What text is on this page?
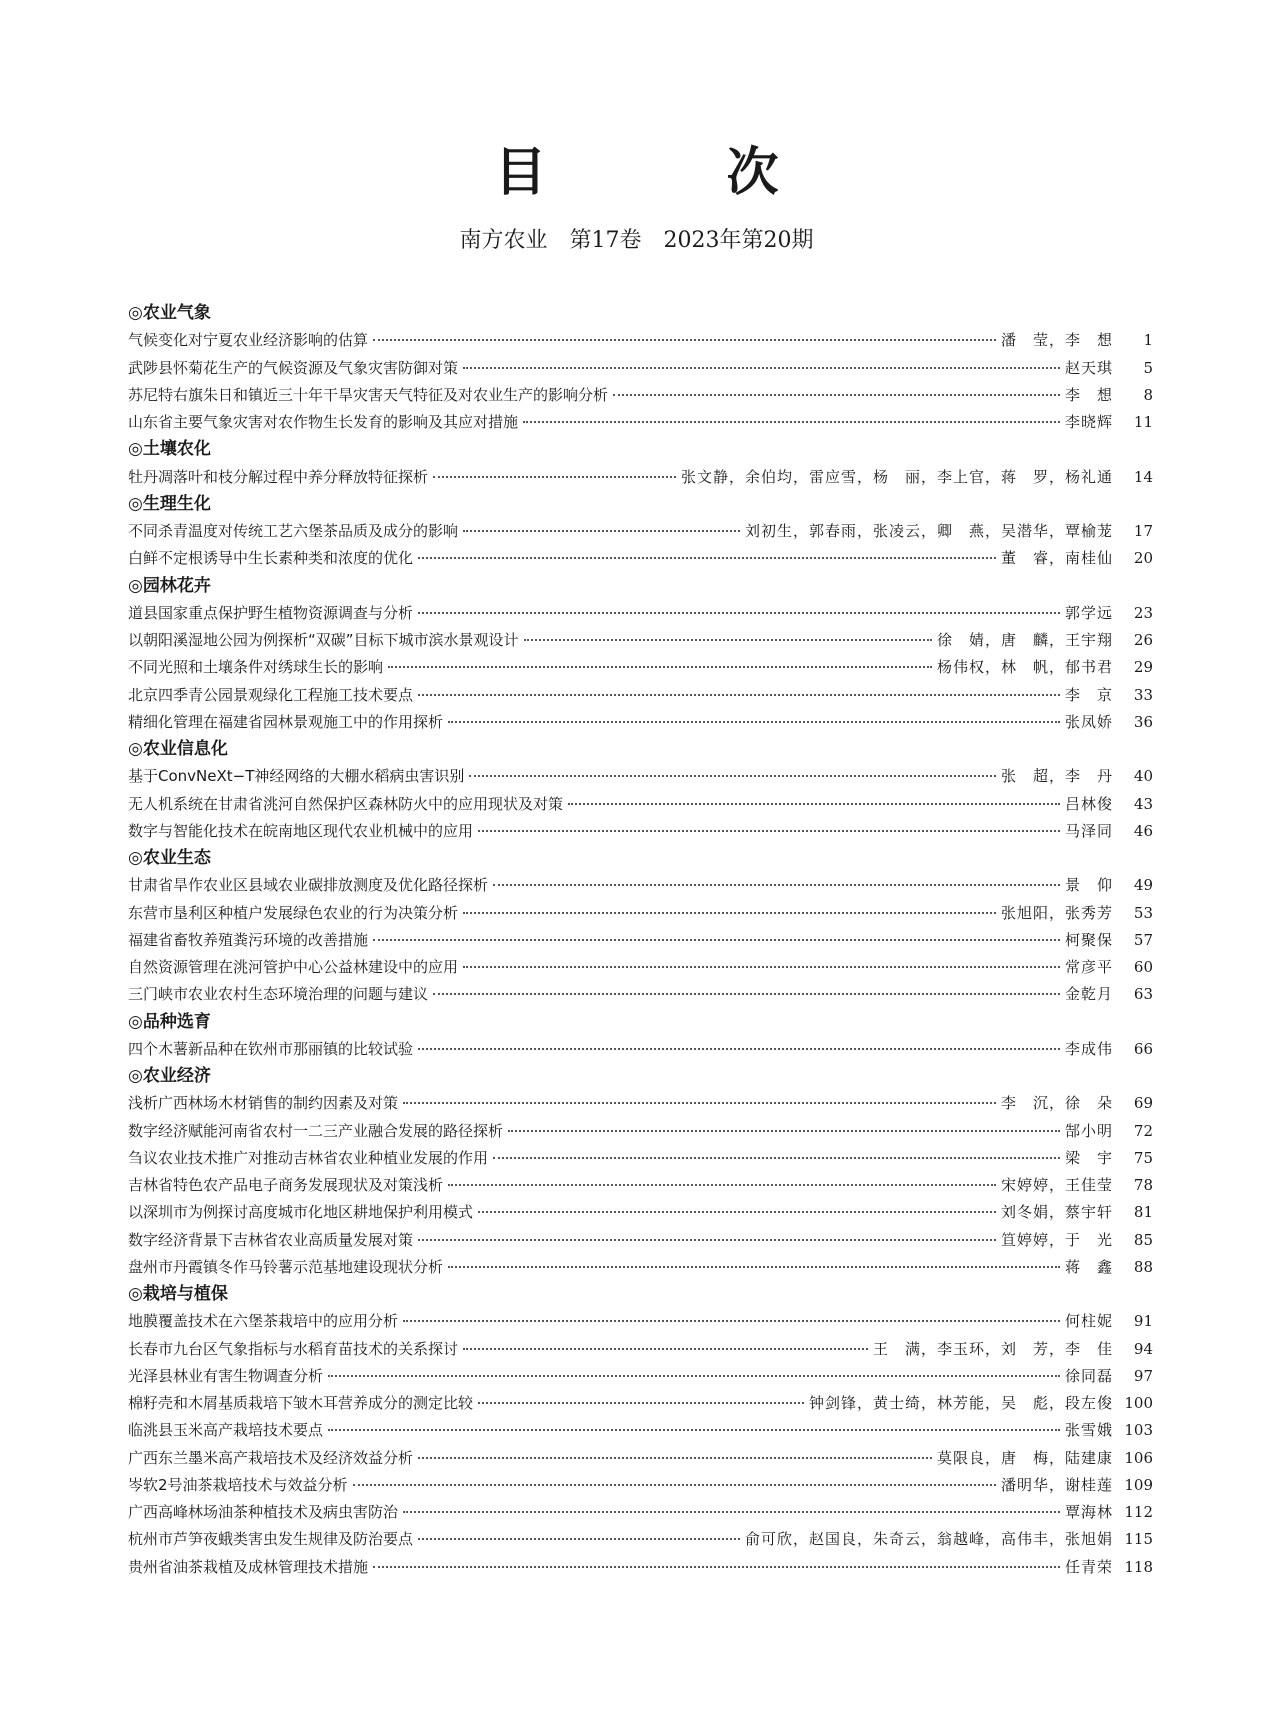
目　次
南方农业　第17卷　2023年第20期
◎农业气象
气候变化对宁夏农业经济影响的估算	潘　莹，李　想	1
武陟县怀菊花生产的气候资源及气象灾害防御对策	赵天琪	5
苏尼特右旗朱日和镇近三十年干旱灾害天气特征及对农业生产的影响分析	李　想	8
山东省主要气象灾害对农作物生长发育的影响及其应对措施	李晓辉	11
◎土壤农化
牡丹凋落叶和枝分解过程中养分释放特征探析	张文静，余伯均，雷应雪，杨　丽，李上官，蒋　罗，杨礼通	14
◎生理生化
不同杀青温度对传统工艺六堡茶品质及成分的影响	刘初生，郭春雨，张凌云，卿　燕，吴潜华，覃榆茏	17
白鲜不定根诱导中生长素种类和浓度的优化	董　睿，南桂仙	20
◎园林花卉
道县国家重点保护野生植物资源调查与分析	郭学远	23
以朝阳溪湿地公园为例探析“双碳”目标下城市滨水景观设计	徐　婧，唐　麟，王宇翔	26
不同光照和土壤条件对绣球生长的影响	杨伟权，林　帆，郁书君	29
北京四季青公园景观绿化工程施工技术要点	李　京	33
精细化管理在福建省园林景观施工中的作用探析	张凤娇	36
◎农业信息化
基于ConvNeXt−T神经网络的大棚水稻病虫害识别	张　超，李　丹	40
无人机系统在甘肃省洮河自然保护区森林防火中的应用现状及对策	吕林俊	43
数字与智能化技术在皖南地区现代农业机械中的应用	马泽同	46
◎农业生态
甘肃省旱作农业区县域农业碳排放测度及优化路径探析	景　仰	49
东营市垦利区种植户发展绿色农业的行为决策分析	张旭阳，张秀芳	53
福建省畜牧养殖粪污环境的改善措施	柯聚保	57
自然资源管理在洮河管护中心公益林建设中的应用	常彦平	60
三门峡市农业农村生态环境治理的问题与建议	金乾月	63
◎品种选育
四个木薯新品种在钦州市那丽镇的比较试验	李成伟	66
◎农业经济
浅析广西林场木材销售的制约因素及对策	李　沉，徐　朵	69
数字经济赋能河南省农村一二三产业融合发展的路径探析	郜小明	72
刍议农业技术推广对推动吉林省农业种植业发展的作用	梁　宇	75
吉林省特色农产品电子商务发展现状及对策浅析	宋婷婷，王佳莹	78
以深圳市为例探讨高度城市化地区耕地保护利用模式	刘冬娟，蔡宇轩	81
数字经济背景下吉林省农业高质量发展对策	笪婷婷，于　光	85
盘州市丹霞镇冬作马铃薯示范基地建设现状分析	蒋　鑫	88
◎栽培与植保
地膜覆盖技术在六堡茶栽培中的应用分析	何柱妮	91
长春市九台区气象指标与水稻育苗技术的关系探讨	王　满，李玉环，刘　芳，李　佳	94
光泽县林业有害生物调查分析	徐同磊	97
棉籽壳和木屑基质栽培下皱木耳营养成分的测定比较	钟剑锋，黄士绮，林芳能，吴　彪，段左俊 100
临洮县玉米高产栽培技术要点	张雪娥 103
广西东兰墨米高产栽培技术及经济效益分析	莫限良，唐　梅，陆建康 106
岑软2号油茶栽培技术与效益分析	潘明华，谢桂莲 109
广西高峰林场油茶种植技术及病虫害防治	覃海林 112
杭州市芦笋夜蛾类害虫发生规律及防治要点	俞可欣，赵国良，朱奇云，翁越峰，高伟丰，张旭娟 115
贵州省油茶栽植及成林管理技术措施	任青荣 118
